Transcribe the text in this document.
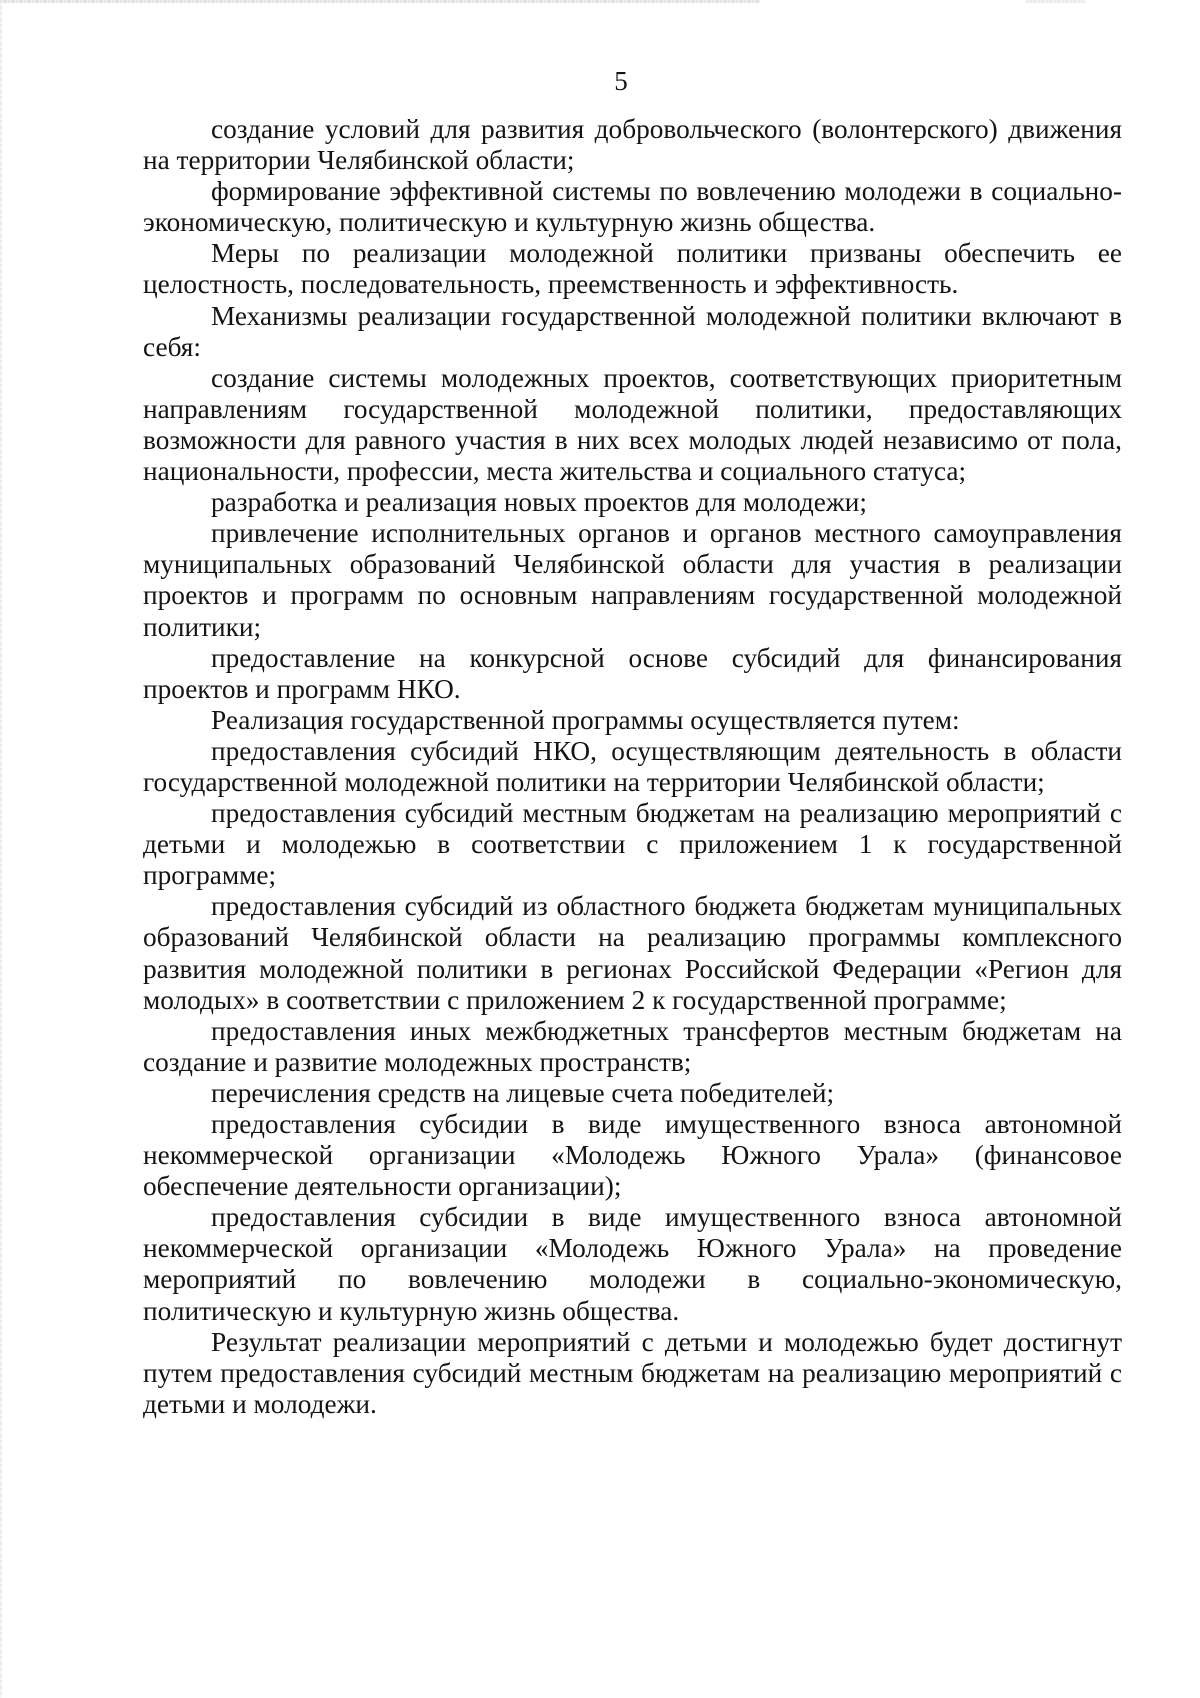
5

создание условий для развития добровольческого (волонтерского) движения на территории Челябинской области;

формирование эффективной системы по вовлечению молодежи в социально-экономическую, политическую и культурную жизнь общества.

Меры по реализации молодежной политики призваны обеспечить ее целостность, последовательность, преемственность и эффективность.

Механизмы реализации государственной молодежной политики включают в себя:

создание системы молодежных проектов, соответствующих приоритетным направлениям государственной молодежной политики, предоставляющих возможности для равного участия в них всех молодых людей независимо от пола, национальности, профессии, места жительства и социального статуса;

разработка и реализация новых проектов для молодежи;

привлечение исполнительных органов и органов местного самоуправления муниципальных образований Челябинской области для участия в реализации проектов и программ по основным направлениям государственной молодежной политики;

предоставление на конкурсной основе субсидий для финансирования проектов и программ НКО.

Реализация государственной программы осуществляется путем:

предоставления субсидий НКО, осуществляющим деятельность в области государственной молодежной политики на территории Челябинской области;

предоставления субсидий местным бюджетам на реализацию мероприятий с детьми и молодежью в соответствии с приложением 1 к государственной программе;

предоставления субсидий из областного бюджета бюджетам муниципальных образований Челябинской области на реализацию программы комплексного развития молодежной политики в регионах Российской Федерации «Регион для молодых» в соответствии с приложением 2 к государственной программе;

предоставления иных межбюджетных трансфертов местным бюджетам на создание и развитие молодежных пространств;

перечисления средств на лицевые счета победителей;

предоставления субсидии в виде имущественного взноса автономной некоммерческой организации «Молодежь Южного Урала» (финансовое обеспечение деятельности организации);

предоставления субсидии в виде имущественного взноса автономной некоммерческой организации «Молодежь Южного Урала» на проведение мероприятий по вовлечению молодежи в социально-экономическую, политическую и культурную жизнь общества.

Результат реализации мероприятий с детьми и молодежью будет достигнут путем предоставления субсидий местным бюджетам на реализацию мероприятий с детьми и молодежи.
